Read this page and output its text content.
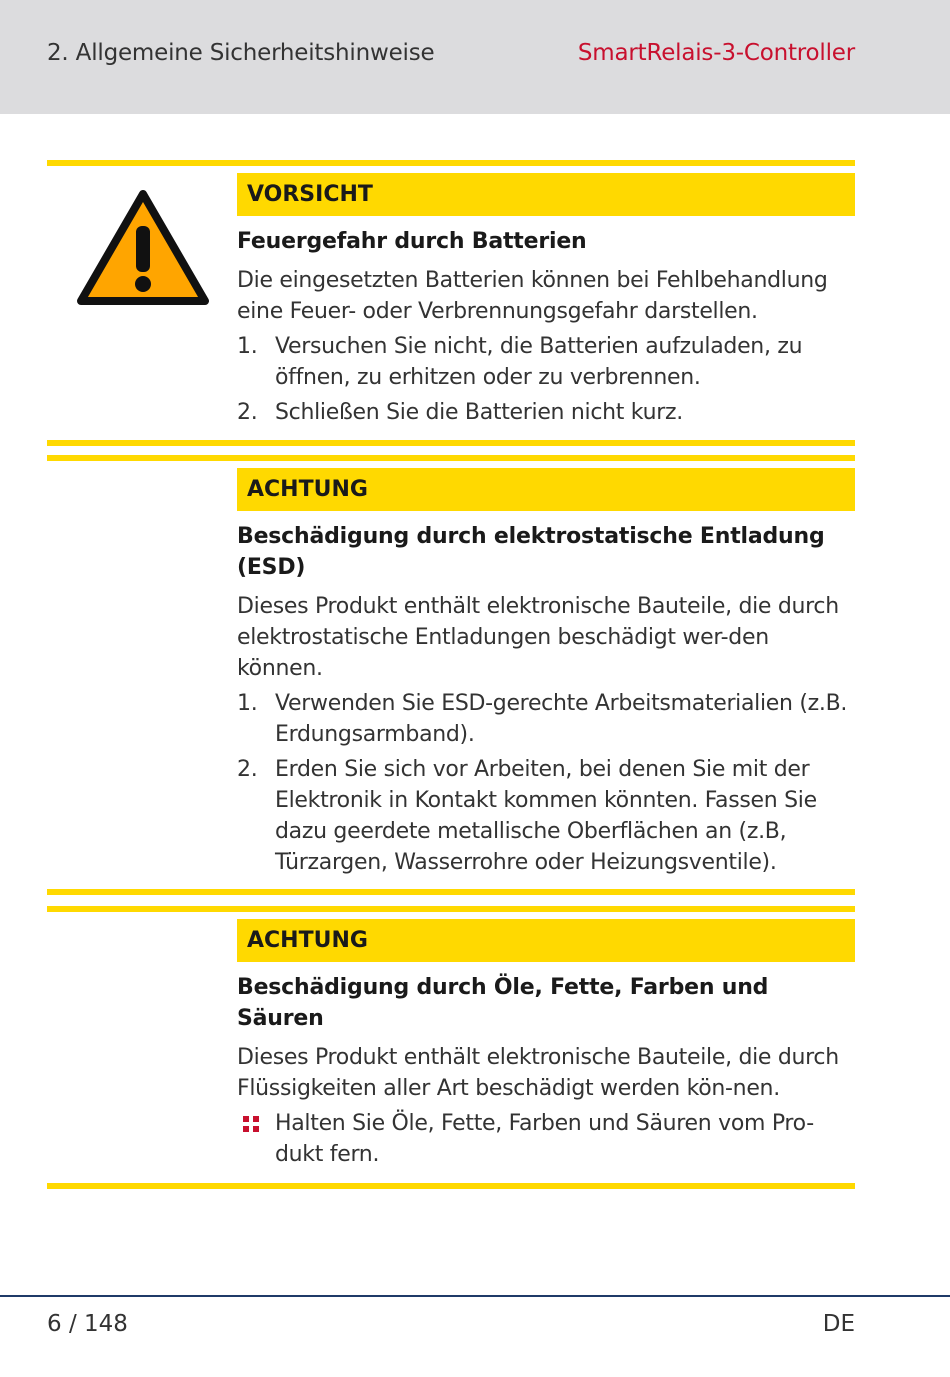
2. Allgemeine Sicherheitshinweise	SmartRelais-3-Controller
VORSICHT
Feuergefahr durch Batterien
Die eingesetzten Batterien können bei Fehlbehandlung eine Feuer- oder Verbrennungsgefahr darstellen.
1. Versuchen Sie nicht, die Batterien aufzuladen, zu öffnen, zu erhitzen oder zu verbrennen.
2. Schließen Sie die Batterien nicht kurz.
ACHTUNG
Beschädigung durch elektrostatische Entladung (ESD)
Dieses Produkt enthält elektronische Bauteile, die durch elektrostatische Entladungen beschädigt wer-den können.
1. Verwenden Sie ESD-gerechte Arbeitsmaterialien (z.B. Erdungsarmband).
2. Erden Sie sich vor Arbeiten, bei denen Sie mit der Elektronik in Kontakt kommen könnten. Fassen Sie dazu geerdete metallische Oberflächen an (z.B, Türzargen, Wasserrohre oder Heizungsventile).
ACHTUNG
Beschädigung durch Öle, Fette, Farben und Säuren
Dieses Produkt enthält elektronische Bauteile, die durch Flüssigkeiten aller Art beschädigt werden kön-nen.
Halten Sie Öle, Fette, Farben und Säuren vom Pro-dukt fern.
6 / 148	DE
